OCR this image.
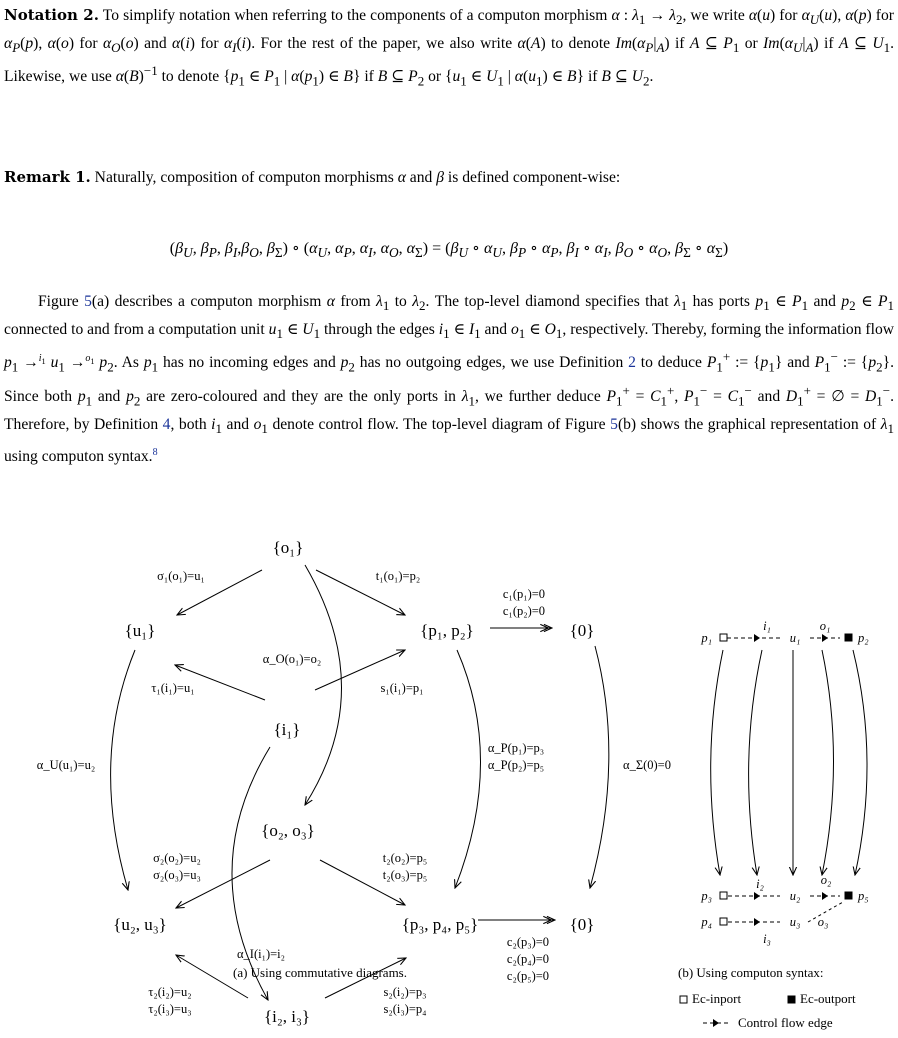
Notation 2. To simplify notation when referring to the components of a computon morphism α : $\lambda_1 \to \lambda_2$, we write α(u) for $\alpha_U(u)$, α(p) for $\alpha_P(p)$, α(o) for $\alpha_O(o)$ and α(i) for $\alpha_I(i)$. For the rest of the paper, we also write α(A) to denote $Im(\alpha_P|_A)$ if A ⊆ $P_1$ or $Im(\alpha_U|_A)$ if A ⊆ $U_1$. Likewise, we use $\alpha(B)^{-1}$ to denote {$p_1$ ∈ $P_1$ | $\alpha(p_1)$ ∈ B} if B ⊆ $P_2$ or {$u_1$ ∈ $U_1$ | $\alpha(u_1)$ ∈ B} if B ⊆ $U_2$.
Remark 1. Naturally, composition of computon morphisms α and β is defined component-wise:
($\beta_U$, $\beta_P$, $\beta_I,\beta_O$, $\beta_\Sigma$) ∘ ($\alpha_U$, $\alpha_P$, $\alpha_I$, $\alpha_O$, $\alpha_\Sigma) = (\beta_U$ ∘ $\alpha_U$, $\beta_P$ ∘ $\alpha_P$, $\beta_I$ ∘ $\alpha_I$, $\beta_O$ ∘ $\alpha_O$, $\beta_\Sigma$ ∘ $\alpha_\Sigma$)
Figure 5(a) describes a computon morphism α from $\lambda_1$ to $\lambda_2$. The top-level diamond specifies that $\lambda_1$ has ports $p_1$ ∈ $P_1$ and $p_2$ ∈ $P_1$ connected to and from a computation unit $u_1$ ∈ $U_1$ through the edges $i_1$ ∈ $I_1$ and $o_1$ ∈ $O_1$, respectively. Thereby, forming the information flow $p_1 \to^{i_1}$ $u_1 \to^{o_1}$ $p_2$. As $p_1$ has no incoming edges and $p_2$ has no outgoing edges, we use Definition 2 to deduce $P_1^+$ := $\{p_1\}$ and $P_1^-$ := $\{p_2\}$. Since both $p_1$ and $p_2$ are zero-coloured and they are the only ports in $\lambda_1$, we further deduce $P_1^+ = C_1^+$, $P_1^- = C_1^-$ and $D_1^+$ = ∅ = $D_1^-$. Therefore, by Definition 4, both $i_1$ and $o_1$ denote control flow. The top-level diagram of Figure 5(b) shows the graphical representation of $\lambda_1$ using computon syntax.$^8$
{o₁}
{u₁}	{p₁, p₂}	{0}
{i₁}
{o₂, o₃}
{u₂, u₃}	{p₃, p₄, p₅}	{0}
{i₂, i₃}
σ₁(o₁)=u₁	t₁(o₁)=p₂
c₁(p₁)=0
c₁(p₂)=0
α_O(o₁)=o₂
τ₁(i₁)=u₁	s₁(i₁)=p₁
α_U(u₁)=u₂
α_P(p₁)=p₃
α_P(p₂)=p₅	α_Σ(0)=0
σ₂(o₂)=u₂
σ₂(o₃)=u₃
t₂(o₂)=p₅
t₂(o₃)=p₅
α_I(i₁)=i₂
c₂(p₃)=0
c₂(p₄)=0
c₂(p₅)=0
τ₂(i₂)=u₂
τ₂(i₃)=u₃
s₂(i₂)=p₃
s₂(i₃)=p₄
p₁
i₁
u₁
o₁
p₂
i₂	o₂
p₃	u₂	p₅
p₄	u₃ o₃
i₃
(a) Using commutative diagrams.	(b) Using computon syntax:
Ec-inport	Ec-outport
Control flow edge
